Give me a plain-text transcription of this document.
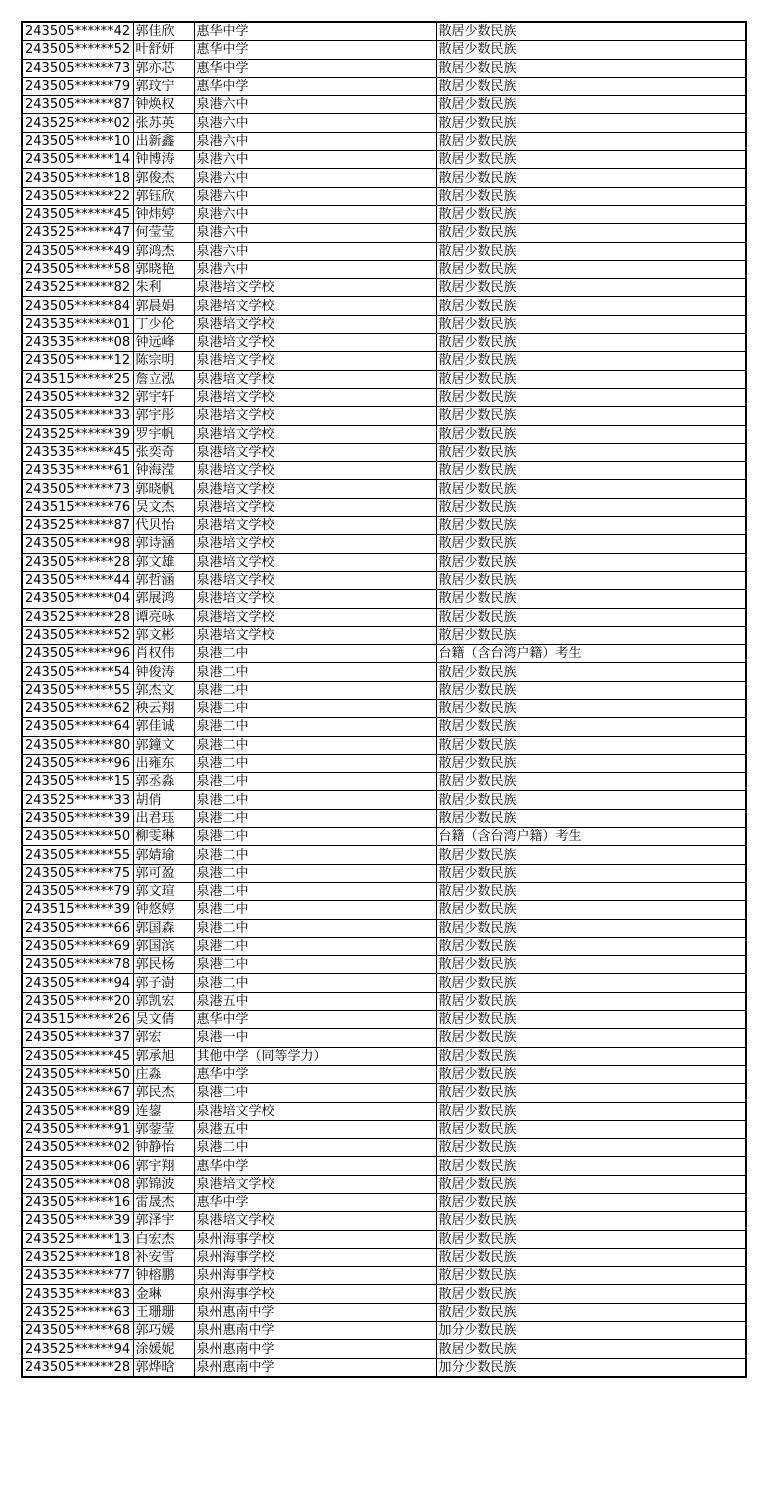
243505******42	郭佳欣	惠华中学	散居少数民族
243505******52	叶舒妍	惠华中学	散居少数民族
243505******73	郭亦芯	惠华中学	散居少数民族
243505******79	郭玟宁	惠华中学	散居少数民族
243505******87	钟焕权	泉港六中	散居少数民族
243525******02	张苏英	泉港六中	散居少数民族
243505******10	出新鑫	泉港六中	散居少数民族
243505******14	钟博涛	泉港六中	散居少数民族
243505******18	郭俊杰	泉港六中	散居少数民族
243505******22	郭钰欣	泉港六中	散居少数民族
243505******45	钟炜婷	泉港六中	散居少数民族
243525******47	何莹莹	泉港六中	散居少数民族
243505******49	郭鸿杰	泉港六中	散居少数民族
243505******58	郭晓艳	泉港六中	散居少数民族
243525******82	朱利	泉港培文学校	散居少数民族
243505******84	郭晨娟	泉港培文学校	散居少数民族
243535******01	丁少伦	泉港培文学校	散居少数民族
243535******08	钟远峰	泉港培文学校	散居少数民族
243505******12	陈宗明	泉港培文学校	散居少数民族
243515******25	詹立泓	泉港培文学校	散居少数民族
243505******32	郭宇轩	泉港培文学校	散居少数民族
243505******33	郭宇彤	泉港培文学校	散居少数民族
243525******39	罗宇帆	泉港培文学校	散居少数民族
243535******45	张奕奇	泉港培文学校	散居少数民族
243535******61	钟海滢	泉港培文学校	散居少数民族
243505******73	郭晓帆	泉港培文学校	散居少数民族
243515******76	吴文杰	泉港培文学校	散居少数民族
243525******87	代贝怡	泉港培文学校	散居少数民族
243505******98	郭诗涵	泉港培文学校	散居少数民族
243505******28	郭文雄	泉港培文学校	散居少数民族
243505******44	郭哲涵	泉港培文学校	散居少数民族
243505******04	郭展鸿	泉港培文学校	散居少数民族
243525******28	谭亮咏	泉港培文学校	散居少数民族
243505******52	郭文彬	泉港培文学校	散居少数民族
243505******96	肖权伟	泉港二中	台籍（含台湾户籍）考生
243505******54	钟俊涛	泉港二中	散居少数民族
243505******55	郭杰文	泉港二中	散居少数民族
243505******62	秧云翔	泉港二中	散居少数民族
243505******64	郭佳诚	泉港二中	散居少数民族
243505******80	郭鐘文	泉港二中	散居少数民族
243505******96	出雍东	泉港二中	散居少数民族
243505******15	郭丞淼	泉港二中	散居少数民族
243525******33	胡俏	泉港二中	散居少数民族
243505******39	出君珏	泉港二中	散居少数民族
243505******50	柳雯琳	泉港二中	台籍（含台湾户籍）考生
243505******55	郭婧瑜	泉港二中	散居少数民族
243505******75	郭可盈	泉港二中	散居少数民族
243505******79	郭文瑄	泉港二中	散居少数民族
243515******39	钟悠婷	泉港二中	散居少数民族
243505******66	郭国森	泉港二中	散居少数民族
243505******69	郭国滨	泉港二中	散居少数民族
243505******78	郭民杨	泉港二中	散居少数民族
243505******94	郭子澍	泉港二中	散居少数民族
243505******20	郭凯宏	泉港五中	散居少数民族
243515******26	吴文倩	惠华中学	散居少数民族
243505******37	郭宏	泉港一中	散居少数民族
243505******45	郭承旭	其他中学（同等学力）	散居少数民族
243505******50	庄淼	惠华中学	散居少数民族
243505******67	郭民杰	泉港二中	散居少数民族
243505******89	连鋆	泉港培文学校	散居少数民族
243505******91	郭蓥莹	泉港五中	散居少数民族
243505******02	钟静怡	泉港二中	散居少数民族
243505******06	郭宇翔	惠华中学	散居少数民族
243505******08	郭锦波	泉港培文学校	散居少数民族
243505******16	雷晟杰	惠华中学	散居少数民族
243505******39	郭泽宇	泉港培文学校	散居少数民族
243525******13	白宏杰	泉州海事学校	散居少数民族
243525******18	补安雪	泉州海事学校	散居少数民族
243535******77	钟榕鹏	泉州海事学校	散居少数民族
243535******83	金琳	泉州海事学校	散居少数民族
243525******63	王珊珊	泉州惠南中学	散居少数民族
243505******68	郭巧媛	泉州惠南中学	加分少数民族
243525******94	涂媛妮	泉州惠南中学	散居少数民族
243505******28	郭烨晗	泉州惠南中学	加分少数民族
